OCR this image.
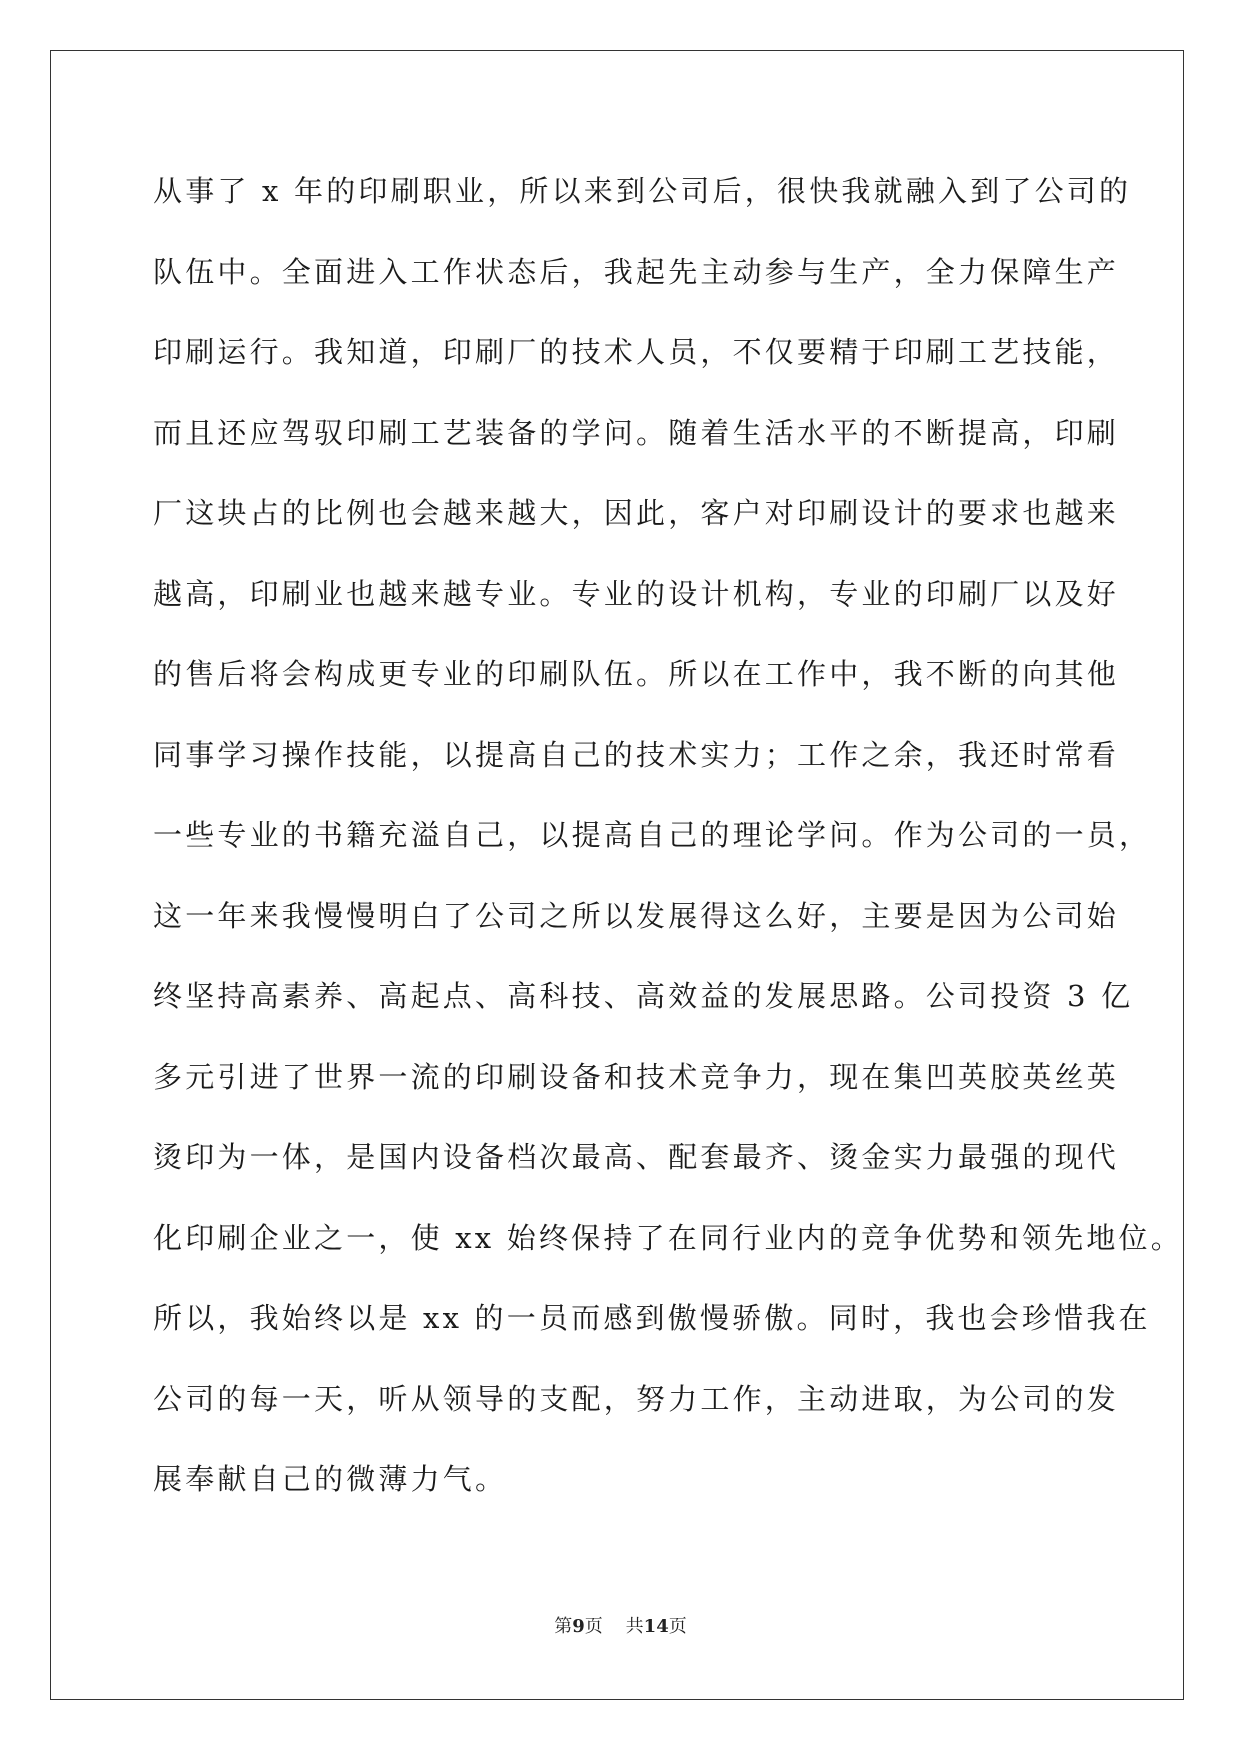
从事了 x 年的印刷职业，所以来到公司后，很快我就融入到了公司的
队伍中。全面进入工作状态后，我起先主动参与生产，全力保障生产
印刷运行。我知道，印刷厂的技术人员，不仅要精于印刷工艺技能，
而且还应驾驭印刷工艺装备的学问。随着生活水平的不断提高，印刷
厂这块占的比例也会越来越大，因此，客户对印刷设计的要求也越来
越高，印刷业也越来越专业。专业的设计机构，专业的印刷厂以及好
的售后将会构成更专业的印刷队伍。所以在工作中，我不断的向其他
同事学习操作技能，以提高自己的技术实力；工作之余，我还时常看
一些专业的书籍充溢自己，以提高自己的理论学问。作为公司的一员，
这一年来我慢慢明白了公司之所以发展得这么好，主要是因为公司始
终坚持高素养、高起点、高科技、高效益的发展思路。公司投资 3 亿
多元引进了世界一流的印刷设备和技术竞争力，现在集凹英胶英丝英
烫印为一体，是国内设备档次最高、配套最齐、烫金实力最强的现代
化印刷企业之一，使 xx 始终保持了在同行业内的竞争优势和领先地位。
所以，我始终以是 xx 的一员而感到傲慢骄傲。同时，我也会珍惜我在
公司的每一天，听从领导的支配，努力工作，主动进取，为公司的发
展奉献自己的微薄力气。
第9页 共14页
